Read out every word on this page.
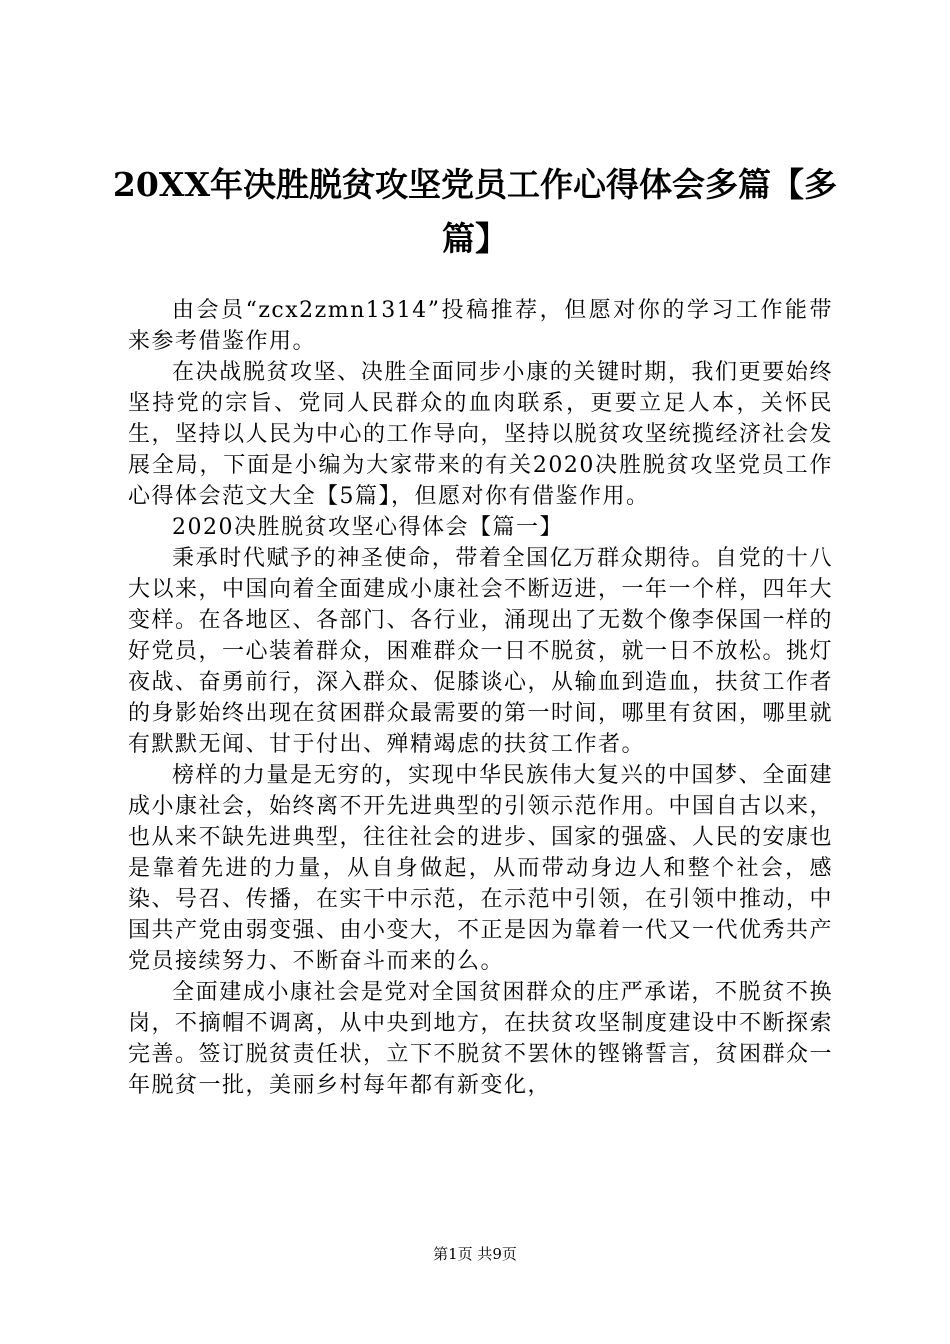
20XX年决胜脱贫攻坚党员工作心得体会多篇【多篇】

由会员“zcx2zmn1314”投稿推荐，但愿对你的学习工作能带来参考借鉴作用。

在决战脱贫攻坚、决胜全面同步小康的关键时期，我们更要始终坚持党的宗旨、党同人民群众的血肉联系，更要立足人本，关怀民生，坚持以人民为中心的工作导向，坚持以脱贫攻坚统揽经济社会发展全局，下面是小编为大家带来的有关2020决胜脱贫攻坚党员工作心得体会范文大全【5篇】，但愿对你有借鉴作用。

2020决胜脱贫攻坚心得体会【篇一】

秉承时代赋予的神圣使命，带着全国亿万群众期待。自党的十八大以来，中国向着全面建成小康社会不断迈进，一年一个样，四年大变样。在各地区、各部门、各行业，涌现出了无数个像李保国一样的好党员，一心装着群众，困难群众一日不脱贫，就一日不放松。挑灯夜战、奋勇前行，深入群众、促膝谈心，从输血到造血，扶贫工作者的身影始终出现在贫困群众最需要的第一时间，哪里有贫困，哪里就有默默无闻、甘于付出、殚精竭虑的扶贫工作者。

榜样的力量是无穷的，实现中华民族伟大复兴的中国梦、全面建成小康社会，始终离不开先进典型的引领示范作用。中国自古以来，也从来不缺先进典型，往往社会的进步、国家的强盛、人民的安康也是靠着先进的力量，从自身做起，从而带动身边人和整个社会，感染、号召、传播，在实干中示范，在示范中引领，在引领中推动，中国共产党由弱变强、由小变大，不正是因为靠着一代又一代优秀共产党员接续努力、不断奋斗而来的么。

全面建成小康社会是党对全国贫困群众的庄严承诺，不脱贫不换岗，不摘帽不调离，从中央到地方，在扶贫攻坚制度建设中不断探索完善。签订脱贫责任状，立下不脱贫不罢休的铿锵誓言，贫困群众一年脱贫一批，美丽乡村每年都有新变化，

第1页 共9页
